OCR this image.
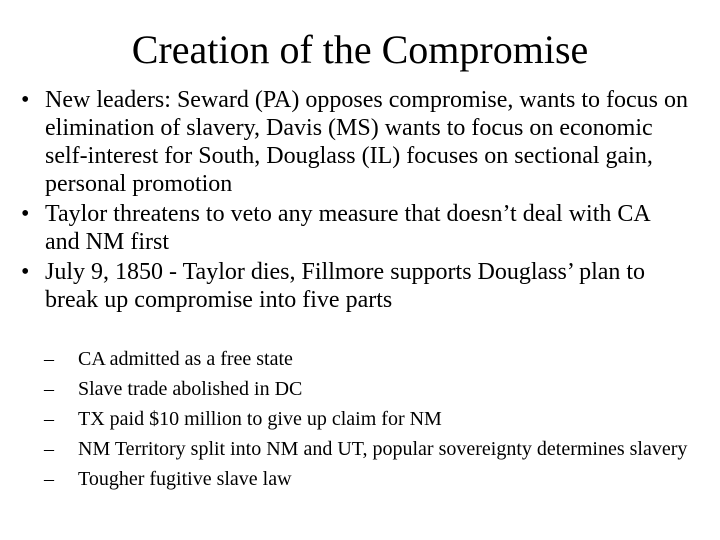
Creation of the Compromise
• New leaders: Seward (PA) opposes compromise, wants to focus on elimination of slavery, Davis (MS) wants to focus on economic self-interest for South, Douglass (IL) focuses on sectional gain, personal promotion
• Taylor threatens to veto any measure that doesn’t deal with CA and NM first
• July 9, 1850 - Taylor dies, Fillmore supports Douglass’ plan to break up compromise into five parts
– CA admitted as a free state
– Slave trade abolished in DC
– TX paid $10 million to give up claim for NM
– NM Territory split into NM and UT, popular sovereignty determines slavery
– Tougher fugitive slave law
